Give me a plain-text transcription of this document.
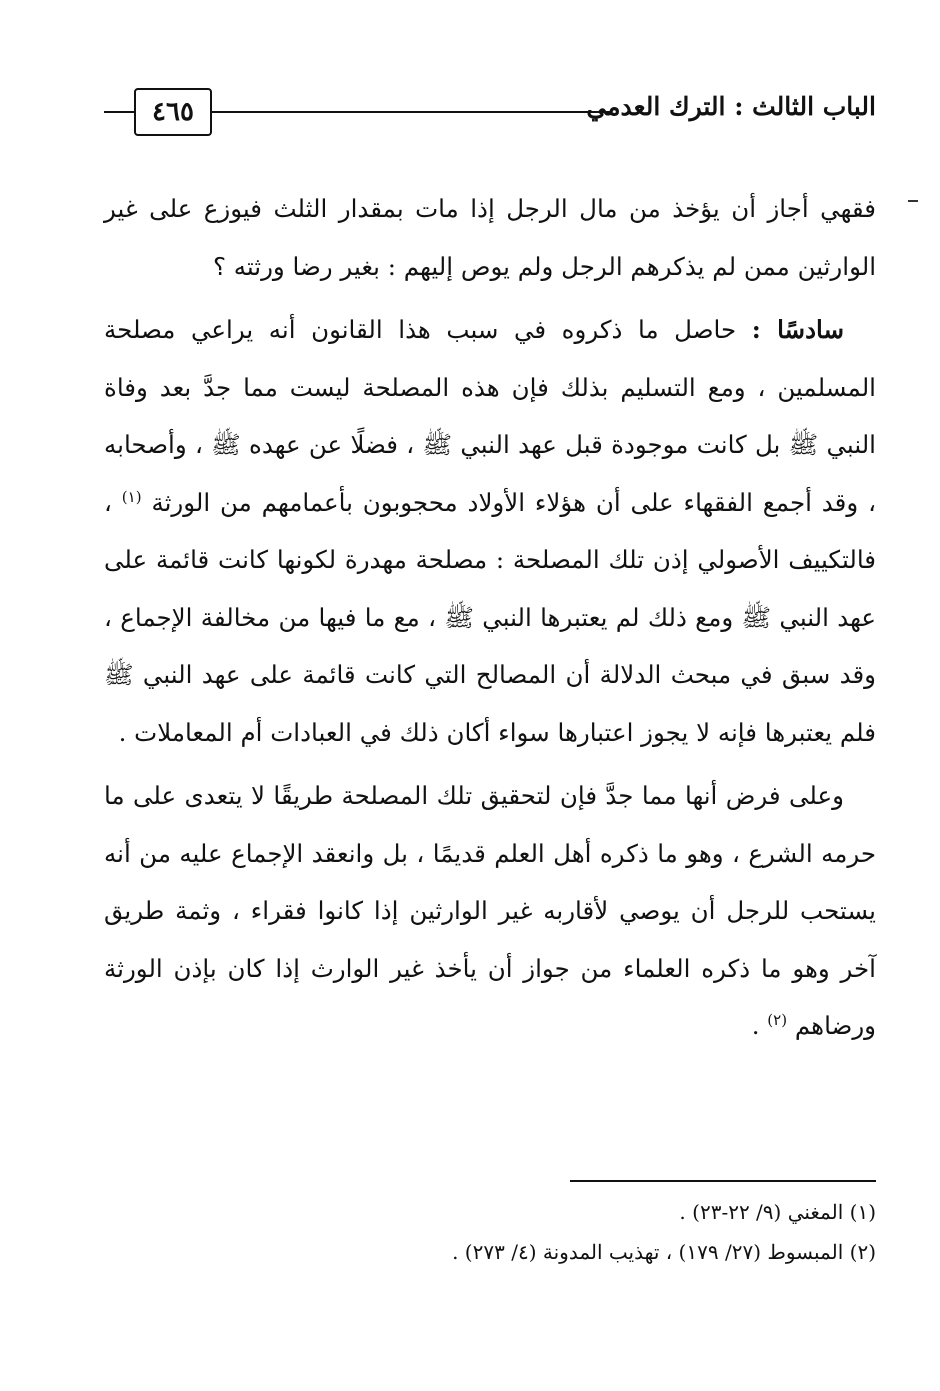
٤٦٥	الباب الثالث : الترك العدمي

فقهي أجاز أن يؤخذ من مال الرجل إذا مات بمقدار الثلث فيوزع على غير الوارثين ممن لم يذكرهم الرجل ولم يوص إليهم : بغير رضا ورثته ؟

سادسًا : حاصل ما ذكروه في سبب هذا القانون أنه يراعي مصلحة المسلمين ، ومع التسليم بذلك فإن هذه المصلحة ليست مما جدَّ بعد وفاة النبي ﷺ بل كانت موجودة قبل عهد النبي ﷺ ، فضلًا عن عهده ﷺ ، وأصحابه ، وقد أجمع الفقهاء على أن هؤلاء الأولاد محجوبون بأعمامهم من الورثة $^{(١)}$ ، فالتكييف الأصولي إذن تلك المصلحة : مصلحة مهدرة لكونها كانت قائمة على عهد النبي ﷺ ومع ذلك لم يعتبرها النبي ﷺ ، مع ما فيها من مخالفة الإجماع ، وقد سبق في مبحث الدلالة أن المصالح التي كانت قائمة على عهد النبي ﷺ فلم يعتبرها فإنه لا يجوز اعتبارها سواء أكان ذلك في العبادات أم المعاملات .

وعلى فرض أنها مما جدَّ فإن لتحقيق تلك المصلحة طريقًا لا يتعدى على ما حرمه الشرع ، وهو ما ذكره أهل العلم قديمًا ، بل وانعقد الإجماع عليه من أنه يستحب للرجل أن يوصي لأقاربه غير الوارثين إذا كانوا فقراء ، وثمة طريق آخر وهو ما ذكره العلماء من جواز أن يأخذ غير الوارث إذا كان بإذن الورثة ورضاهم $^{(٢)}$ .

(١) المغني (٩/ ٢٢-٢٣) .
(٢) المبسوط (٢٧/ ١٧٩) ، تهذيب المدونة (٤/ ٢٧٣) .
